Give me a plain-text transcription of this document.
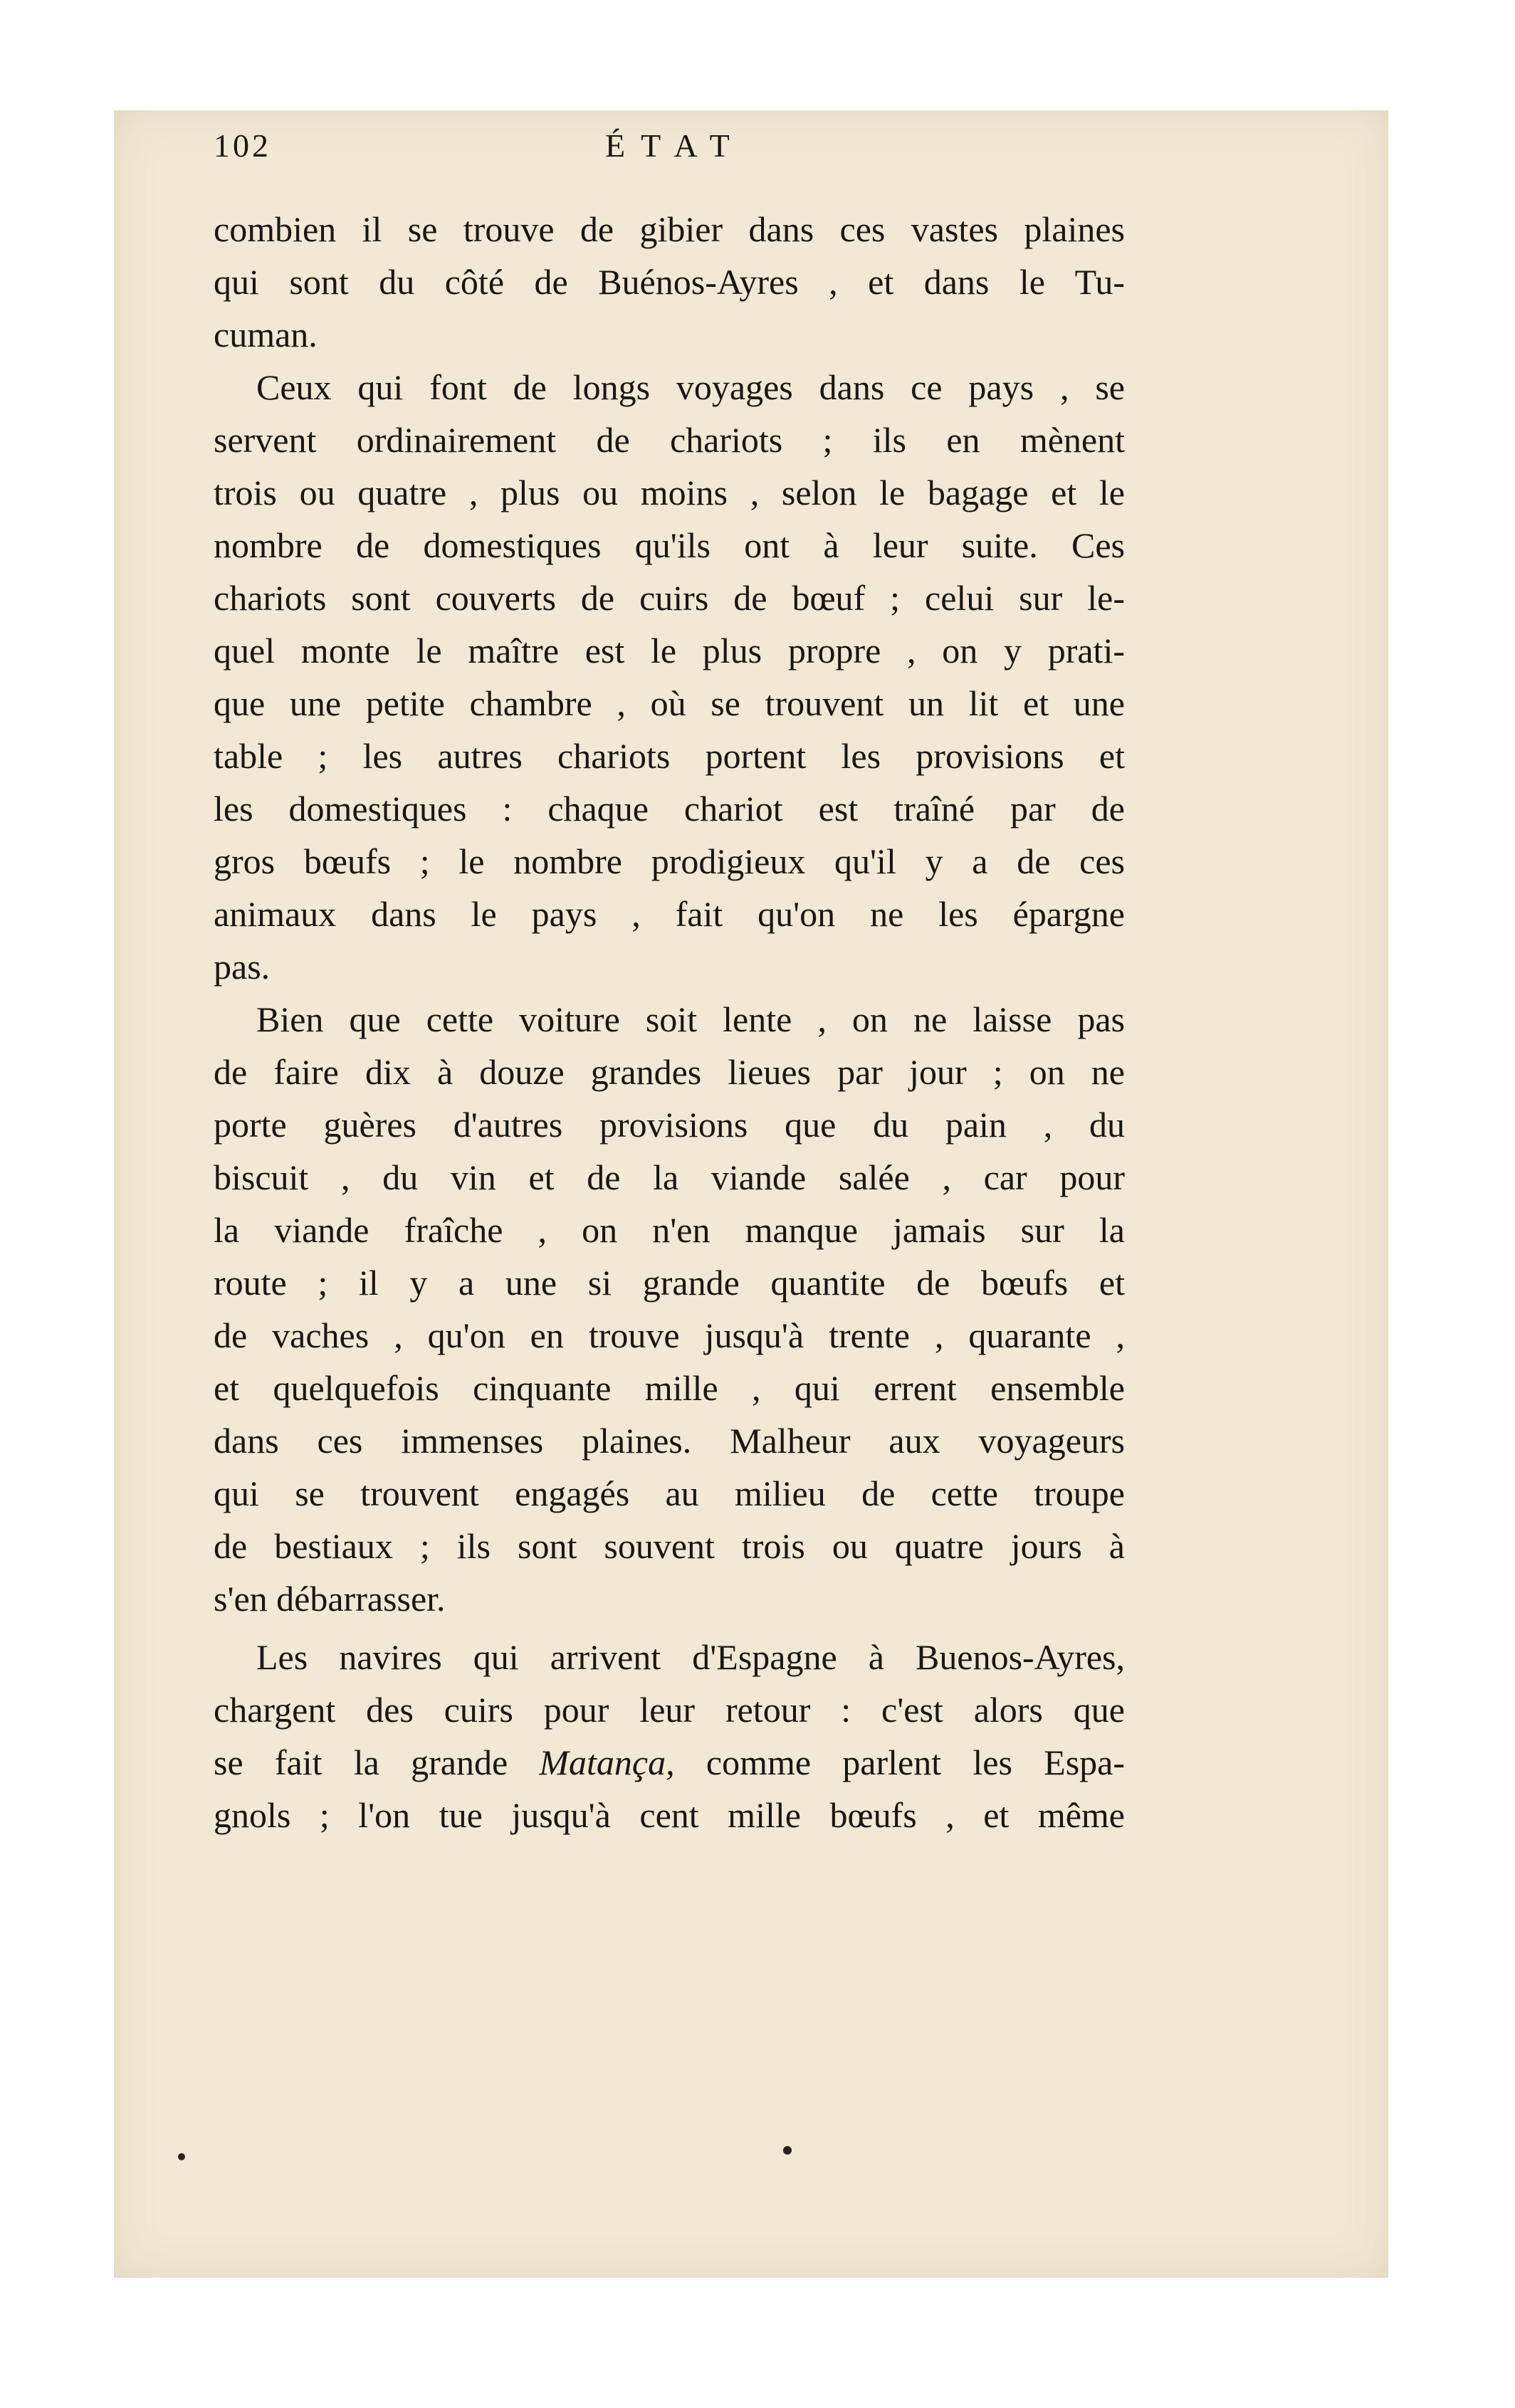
102	ÉTAT
combien il se trouve de gibier dans ces vastes plaines
qui sont du côté de Buénos-Ayres , et dans le Tu-
cuman.
Ceux qui font de longs voyages dans ce pays , se
servent ordinairement de chariots ; ils en mènent
trois ou quatre , plus ou moins , selon le bagage et le
nombre de domestiques qu'ils ont à leur suite. Ces
chariots sont couverts de cuirs de bœuf ; celui sur le-
quel monte le maître est le plus propre , on y prati-
que une petite chambre , où se trouvent un lit et une
table ; les autres chariots portent les provisions et
les domestiques : chaque chariot est traîné par de
gros bœufs ; le nombre prodigieux qu'il y a de ces
animaux dans le pays , fait qu'on ne les épargne
pas.
Bien que cette voiture soit lente , on ne laisse pas
de faire dix à douze grandes lieues par jour ; on ne
porte guères d'autres provisions que du pain , du
biscuit , du vin et de la viande salée , car pour
la viande fraîche , on n'en manque jamais sur la
route ; il y a une si grande quantite de bœufs et
de vaches , qu'on en trouve jusqu'à trente , quarante ,
et quelquefois cinquante mille , qui errent ensemble
dans ces immenses plaines. Malheur aux voyageurs
qui se trouvent engagés au milieu de cette troupe
de bestiaux ; ils sont souvent trois ou quatre jours à
s'en débarrasser.
Les navires qui arrivent d'Espagne à Buenos-Ayres,
chargent des cuirs pour leur retour : c'est alors que
se fait la grande Matança, comme parlent les Espa-
gnols ; l'on tue jusqu'à cent mille bœufs , et même
